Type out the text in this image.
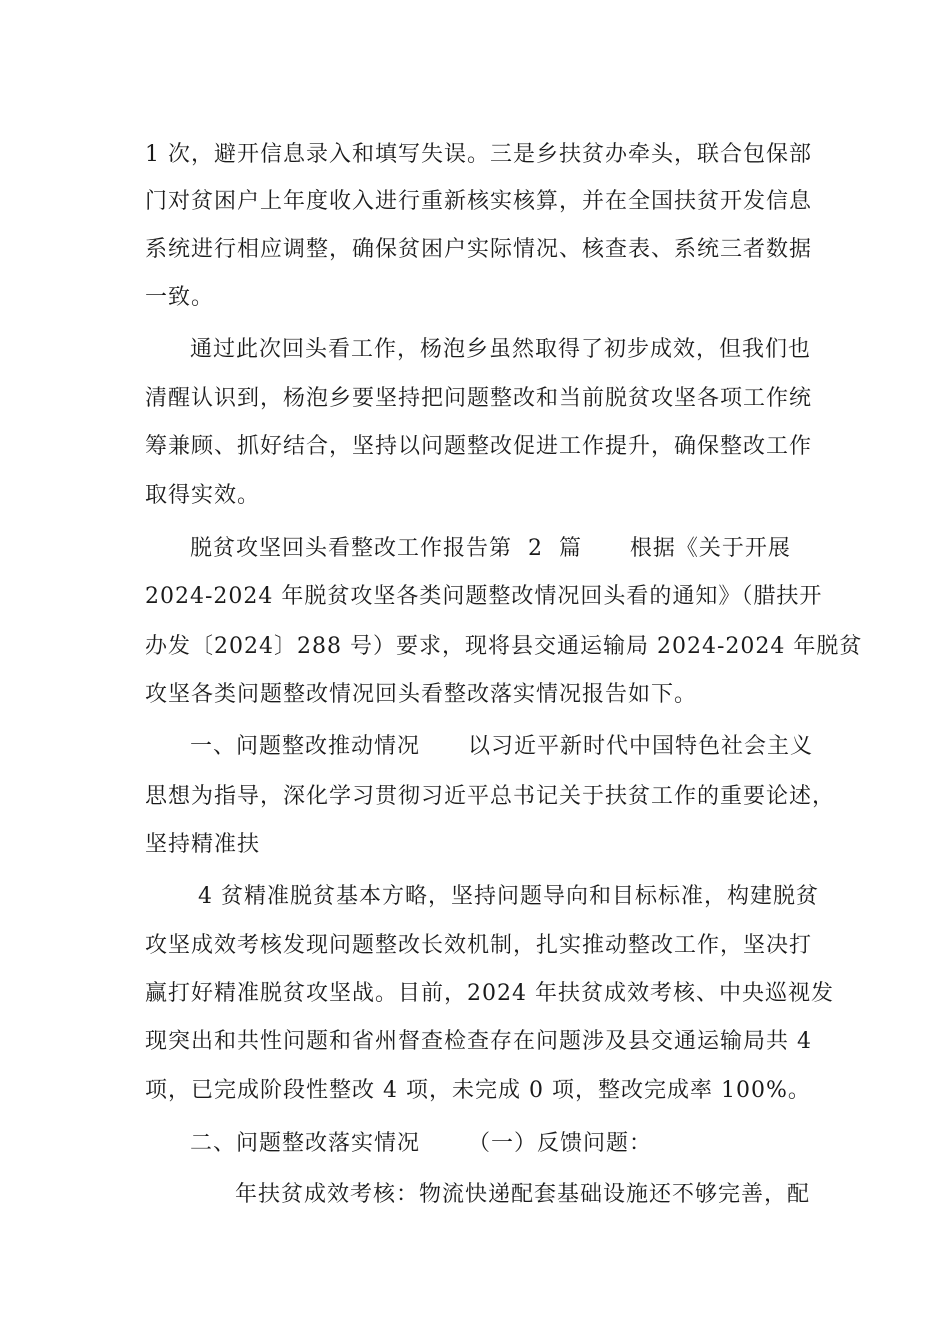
1 次，避开信息录入和填写失误。三是乡扶贫办牵头，联合包保部
门对贫困户上年度收入进行重新核实核算，并在全国扶贫开发信息
系统进行相应调整，确保贫困户实际情况、核查表、系统三者数据
一致。
通过此次回头看工作，杨泡乡虽然取得了初步成效，但我们也
清醒认识到，杨泡乡要坚持把问题整改和当前脱贫攻坚各项工作统
筹兼顾、抓好结合，坚持以问题整改促进工作提升，确保整改工作
取得实效。
脱贫攻坚回头看整改工作报告第  2  篇      根据《关于开展
2024-2024 年脱贫攻坚各类问题整改情况回头看的通知》（腊扶开
办发〔2024〕288 号）要求，现将县交通运输局 2024-2024 年脱贫
攻坚各类问题整改情况回头看整改落实情况报告如下。
一、问题整改推动情况      以习近平新时代中国特色社会主义
思想为指导，深化学习贯彻习近平总书记关于扶贫工作的重要论述，
坚持精准扶
4 贫精准脱贫基本方略，坚持问题导向和目标标准，构建脱贫
攻坚成效考核发现问题整改长效机制，扎实推动整改工作，坚决打
赢打好精准脱贫攻坚战。目前，2024 年扶贫成效考核、中央巡视发
现突出和共性问题和省州督查检查存在问题涉及县交通运输局共 4
项，已完成阶段性整改 4 项，未完成 0 项，整改完成率 100%。
二、问题整改落实情况      （一）反馈问题：
年扶贫成效考核：物流快递配套基础设施还不够完善，配
